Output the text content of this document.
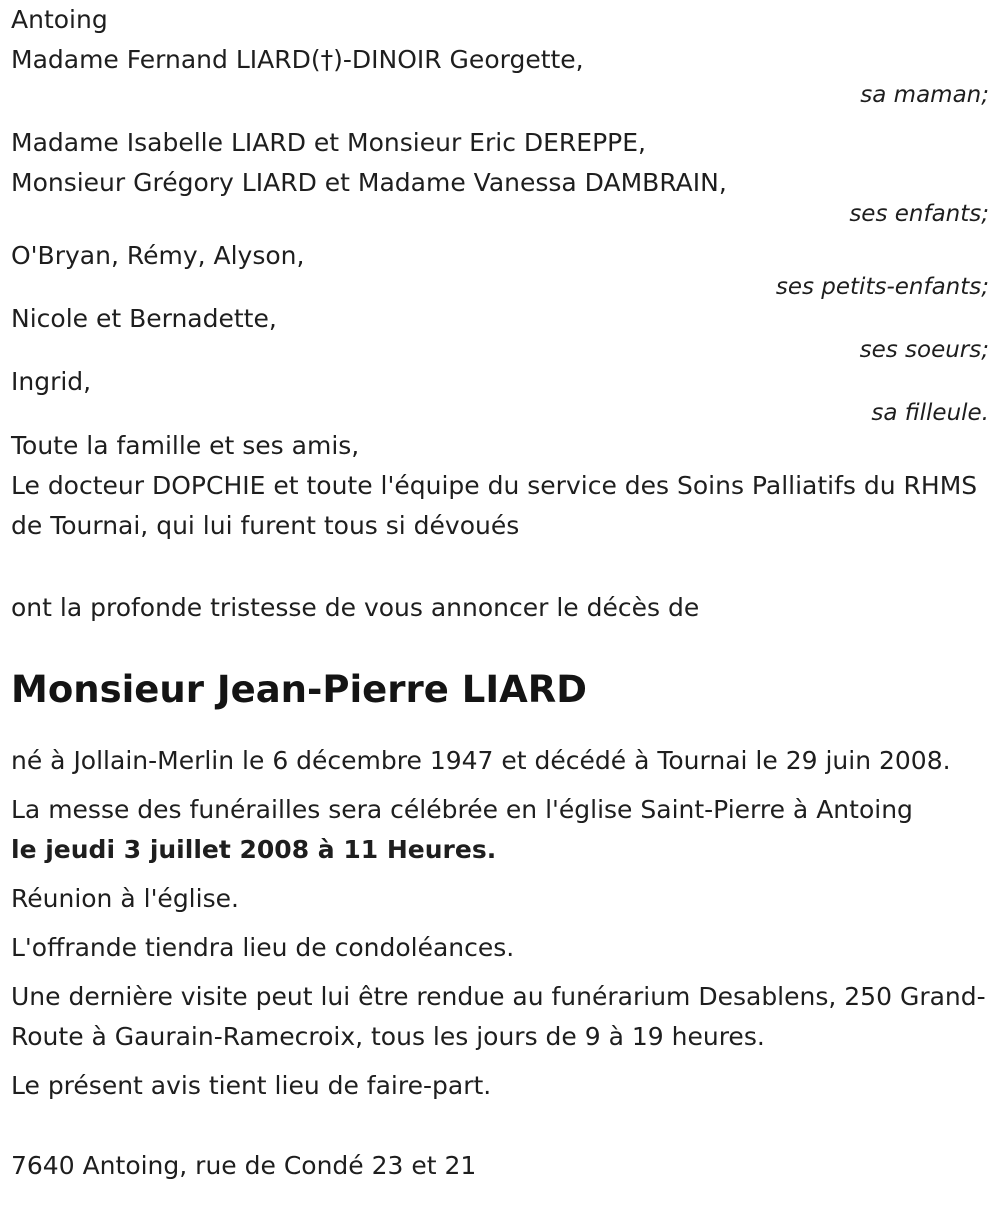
Antoing

Madame Fernand LIARD(†)-DINOIR Georgette,

sa maman;

Madame Isabelle LIARD et Monsieur Eric DEREPPE,

Monsieur Grégory LIARD et Madame Vanessa DAMBRAIN,

ses enfants;

O'Bryan, Rémy, Alyson,

ses petits-enfants;

Nicole et Bernadette,

ses soeurs;

Ingrid,

sa filleule.

Toute la famille et ses amis,

Le docteur DOPCHIE et toute l'équipe du service des Soins Palliatifs du RHMS de Tournai, qui lui furent tous si dévoués

ont la profonde tristesse de vous annoncer le décès de

Monsieur Jean-Pierre LIARD

né à Jollain-Merlin le 6 décembre 1947 et décédé à Tournai le 29 juin 2008.

La messe des funérailles sera célébrée en l'église Saint-Pierre à Antoing

le jeudi 3 juillet 2008 à 11 Heures.

Réunion à l'église.

L'offrande tiendra lieu de condoléances.

Une dernière visite peut lui être rendue au funérarium Desablens, 250 Grand-Route à Gaurain-Ramecroix, tous les jours de 9 à 19 heures.

Le présent avis tient lieu de faire-part.

7640 Antoing, rue de Condé 23 et 21
